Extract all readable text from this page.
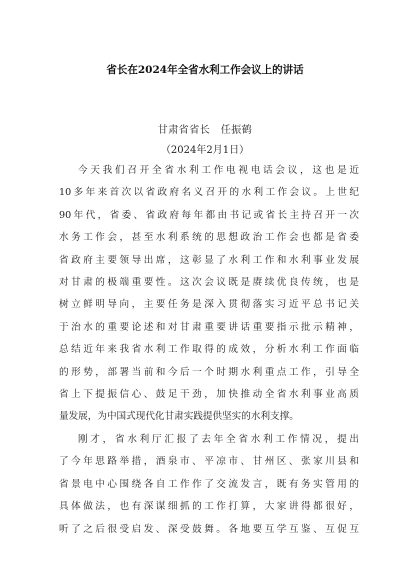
省长在2024年全省水利工作会议上的讲话
甘肃省省长　任振鹤
（2024年2月1日）
今天我们召开全省水利工作电视电话会议，这也是近
10多年来首次以省政府名义召开的水利工作会议。上世纪
90年代，省委、省政府每年都由书记或省长主持召开一次
水务工作会，甚至水利系统的思想政治工作会也都是省委
省政府主要领导出席，这彰显了水利工作和水利事业发展
对甘肃的极端重要性。这次会议既是赓续优良传统，也是
树立鲜明导向，主要任务是深入贯彻落实习近平总书记关
于治水的重要论述和对甘肃重要讲话重要指示批示精神，
总结近年来我省水利工作取得的成效，分析水利工作面临
的形势，部署当前和今后一个时期水利重点工作，引导全
省上下提振信心、鼓足干劲，加快推动全省水利事业高质
量发展，为中国式现代化甘肃实践提供坚实的水利支撑。
刚才，省水利厅汇报了去年全省水利工作情况，提出
了今年思路举措，酒泉市、平凉市、甘州区、张家川县和
省景电中心围绕各自工作作了交流发言，既有务实管用的
具体做法，也有深谋细抓的工作打算，大家讲得都很好，
听了之后很受启发、深受鼓舞。各地要互学互鉴、互促互
